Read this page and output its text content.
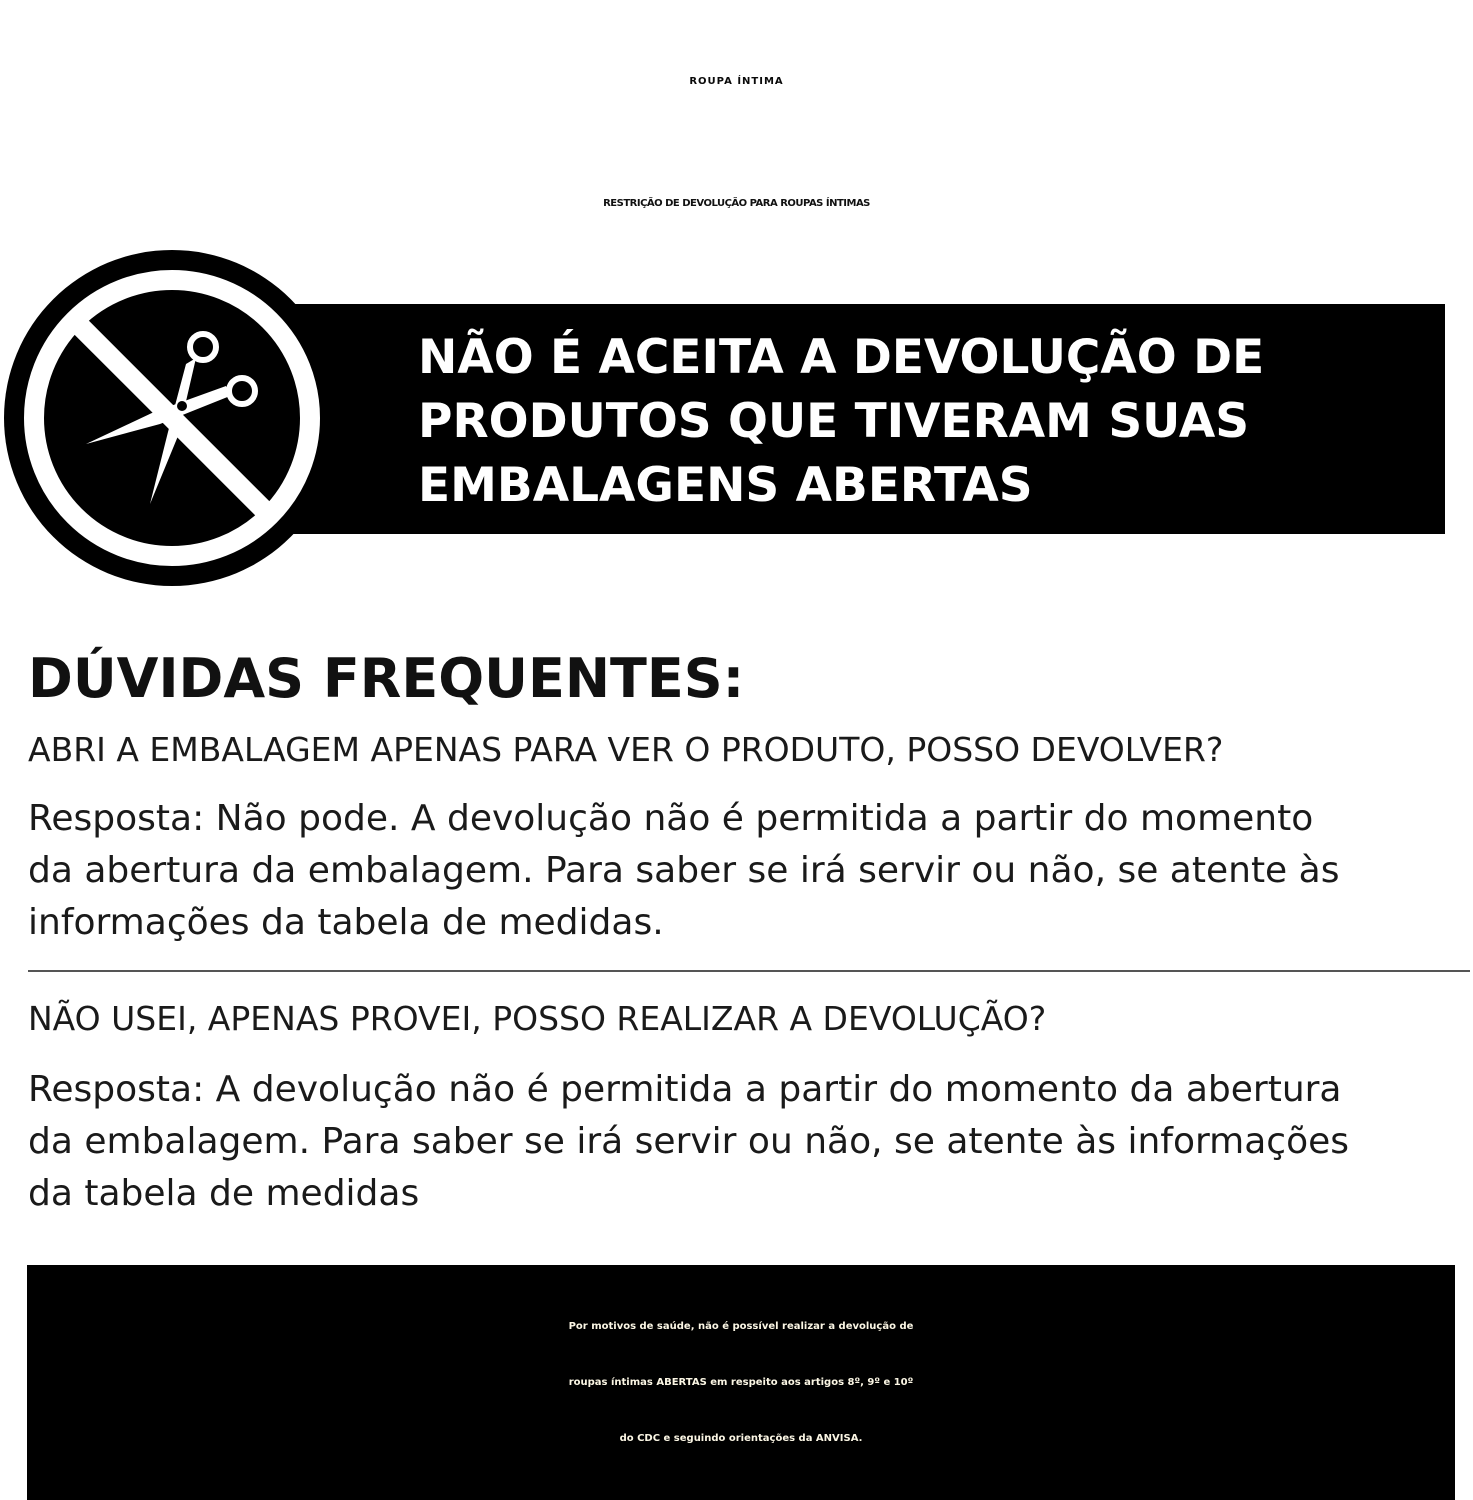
ROUPA ÍNTIMA
RESTRIÇÃO DE DEVOLUÇÃO PARA ROUPAS ÍNTIMAS

NÃO É ACEITA A DEVOLUÇÃO DE
PRODUTOS QUE TIVERAM SUAS
EMBALAGENS ABERTAS

DÚVIDAS FREQUENTES:
ABRI A EMBALAGEM APENAS PARA VER O PRODUTO, POSSO DEVOLVER?
Resposta: Não pode. A devolução não é permitida a partir do momento
da abertura da embalagem. Para saber se irá servir ou não, se atente às
informações da tabela de medidas.
NÃO USEI, APENAS PROVEI, POSSO REALIZAR A DEVOLUÇÃO?
Resposta: A devolução não é permitida a partir do momento da abertura
da embalagem. Para saber se irá servir ou não, se atente às informações
da tabela de medidas

Por motivos de saúde, não é possível realizar a devolução de
roupas íntimas ABERTAS em respeito aos artigos 8º, 9º e 10º
do CDC e seguindo orientações da ANVISA.
